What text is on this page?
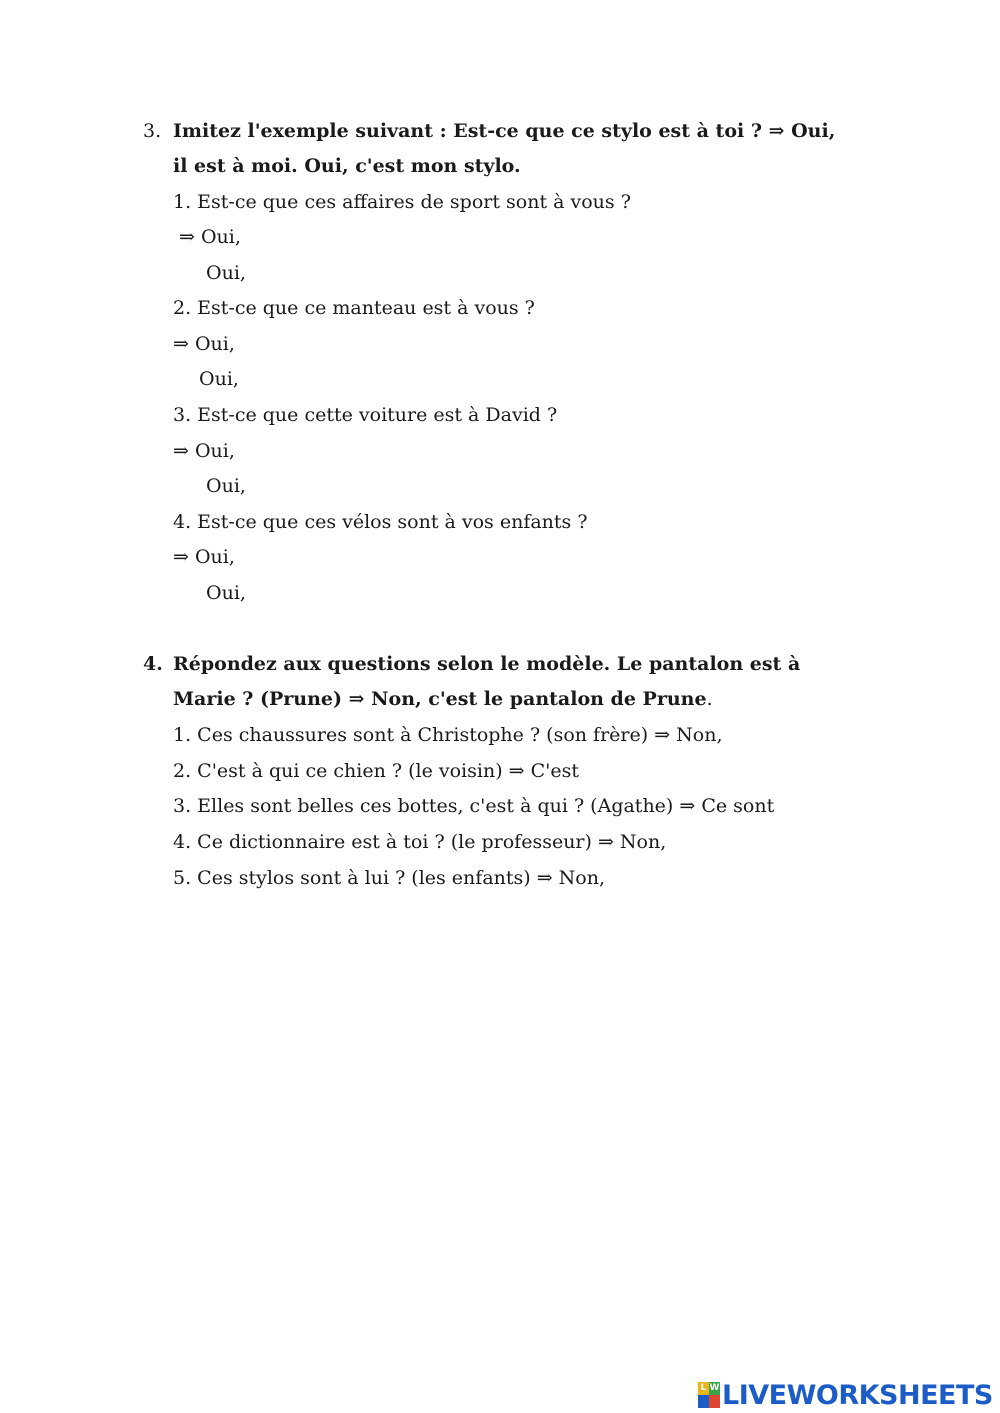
3. Imitez l'exemple suivant : Est-ce que ce stylo est à toi ? ⇒ Oui,
il est à moi. Oui, c'est mon stylo.
1. Est-ce que ces affaires de sport sont à vous ?
⇒ Oui,
Oui,
2. Est-ce que ce manteau est à vous ?
⇒ Oui,
Oui,
3. Est-ce que cette voiture est à David ?
⇒ Oui,
Oui,
4. Est-ce que ces vélos sont à vos enfants ?
⇒ Oui,
Oui,
4. Répondez aux questions selon le modèle. Le pantalon est à
Marie ? (Prune) ⇒ Non, c'est le pantalon de Prune.
1. Ces chaussures sont à Christophe ? (son frère) ⇒ Non,
2. C'est à qui ce chien ? (le voisin) ⇒ C'est
3. Elles sont belles ces bottes, c'est à qui ? (Agathe) ⇒ Ce sont
4. Ce dictionnaire est à toi ? (le professeur) ⇒ Non,
5. Ces stylos sont à lui ? (les enfants) ⇒ Non,
L W LIVEWORKSHEETS
